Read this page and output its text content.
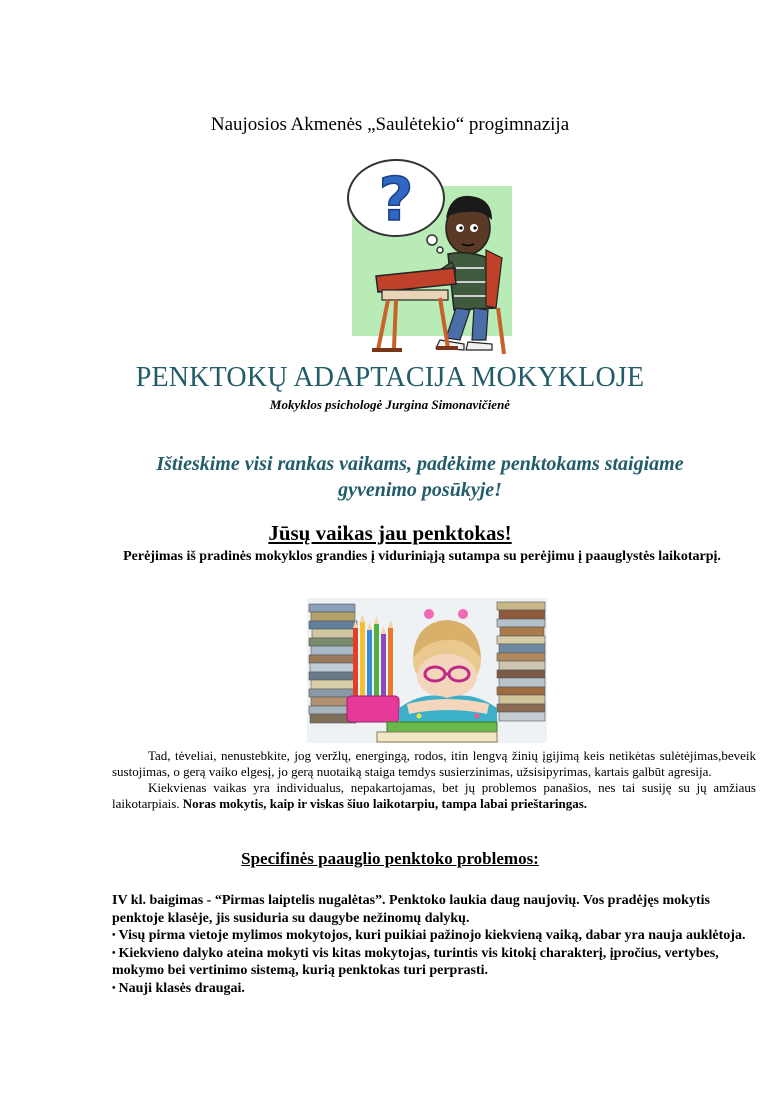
Naujosios Akmenės „Saulėtekio“ progimnazija
?
PENKTOKŲ ADAPTACIJA MOKYKLOJE
Mokyklos psichologė Jurgina Simonavičienė
Ištieskime visi rankas vaikams, padėkime penktokams staigiame gyvenimo posūkyje!
Jūsų vaikas jau penktokas!
Perėjimas iš pradinės mokyklos grandies į viduriniąją sutampa su perėjimu į paauglystės laikotarpį.

Tad, tėveliai, nenustebkite, jog veržlų, energingą, rodos, itin lengvą žinių įgijimą keis netikėtas sulėtėjimas,beveik sustojimas, o gerą vaiko elgesį, jo gerą nuotaiką staiga temdys susierzinimas, užsisipyrimas, kartais galbūt agresija.

Kiekvienas vaikas yra individualus, nepakartojamas, bet jų problemos panašios, nes tai susiję su jų amžiaus laikotarpiais. Noras mokytis, kaip ir viskas šiuo laikotarpiu, tampa labai prieštaringas.

Specifinės paauglio penktoko problemos:

IV kl. baigimas - “Pirmas laiptelis nugalėtas”. Penktoko laukia daug naujovių. Vos pradėjęs mokytis penktoje klasėje, jis susiduria su daugybe nežinomų dalykų.

• Visų pirma vietoje mylimos mokytojos, kuri puikiai pažinojo kiekvieną vaiką, dabar yra nauja auklėtoja.

• Kiekvieno dalyko ateina mokyti vis kitas mokytojas, turintis vis kitokį charakterį, įpročius, vertybes, mokymo bei vertinimo sistemą, kurią penktokas turi perprasti.

• Nauji klasės draugai.
